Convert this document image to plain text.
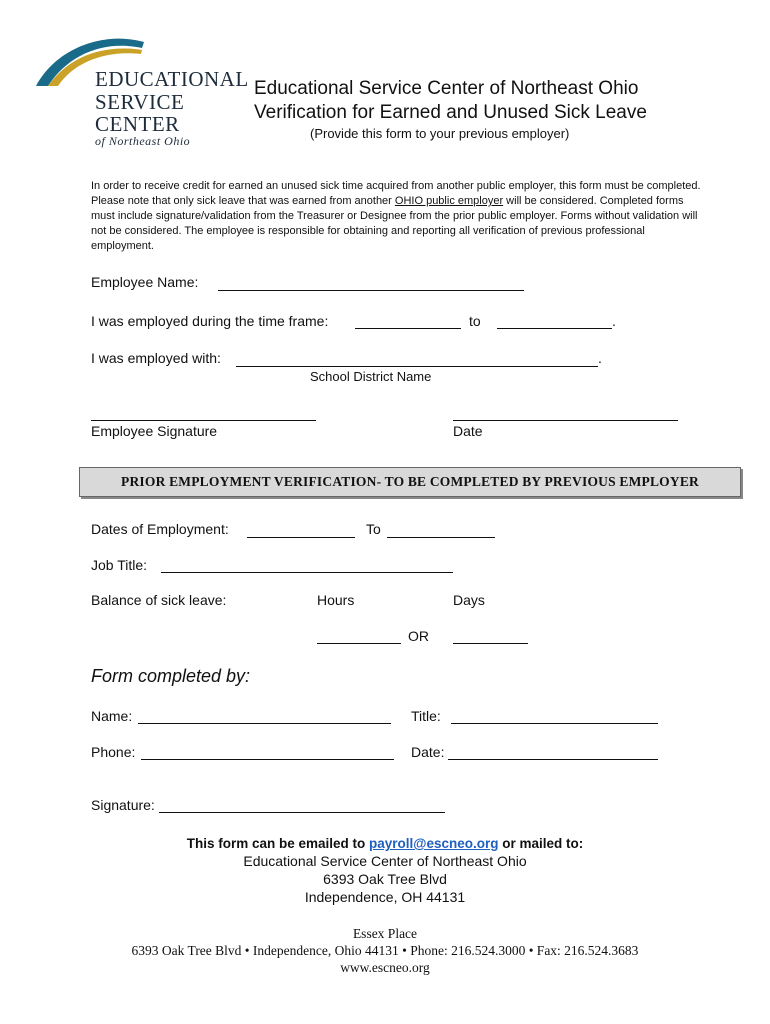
EDUCATIONAL
SERVICE
CENTER
of Northeast Ohio
Educational Service Center of Northeast Ohio
Verification for Earned and Unused Sick Leave
(Provide this form to your previous employer)
In order to receive credit for earned an unused sick time acquired from another public employer, this form must be completed. Please note that only sick leave that was earned from another OHIO public employer will be considered. Completed forms must include signature/validation from the Treasurer or Designee from the prior public employer. Forms without validation will not be considered. The employee is responsible for obtaining and reporting all verification of previous professional employment.
Employee Name:
I was employed during the time frame:	to	.
I was employed with:	.
School District Name
Employee Signature	Date
PRIOR EMPLOYMENT VERIFICATION- TO BE COMPLETED BY PREVIOUS EMPLOYER
Dates of Employment:	To
Job Title:
Balance of sick leave:	Hours	Days
OR
Form completed by:
Name:	Title:
Phone:	Date:
Signature:
This form can be emailed to payroll@escneo.org or mailed to:
Educational Service Center of Northeast Ohio
6393 Oak Tree Blvd
Independence, OH 44131
Essex Place
6393 Oak Tree Blvd • Independence, Ohio 44131 • Phone: 216.524.3000 • Fax: 216.524.3683
www.escneo.org
